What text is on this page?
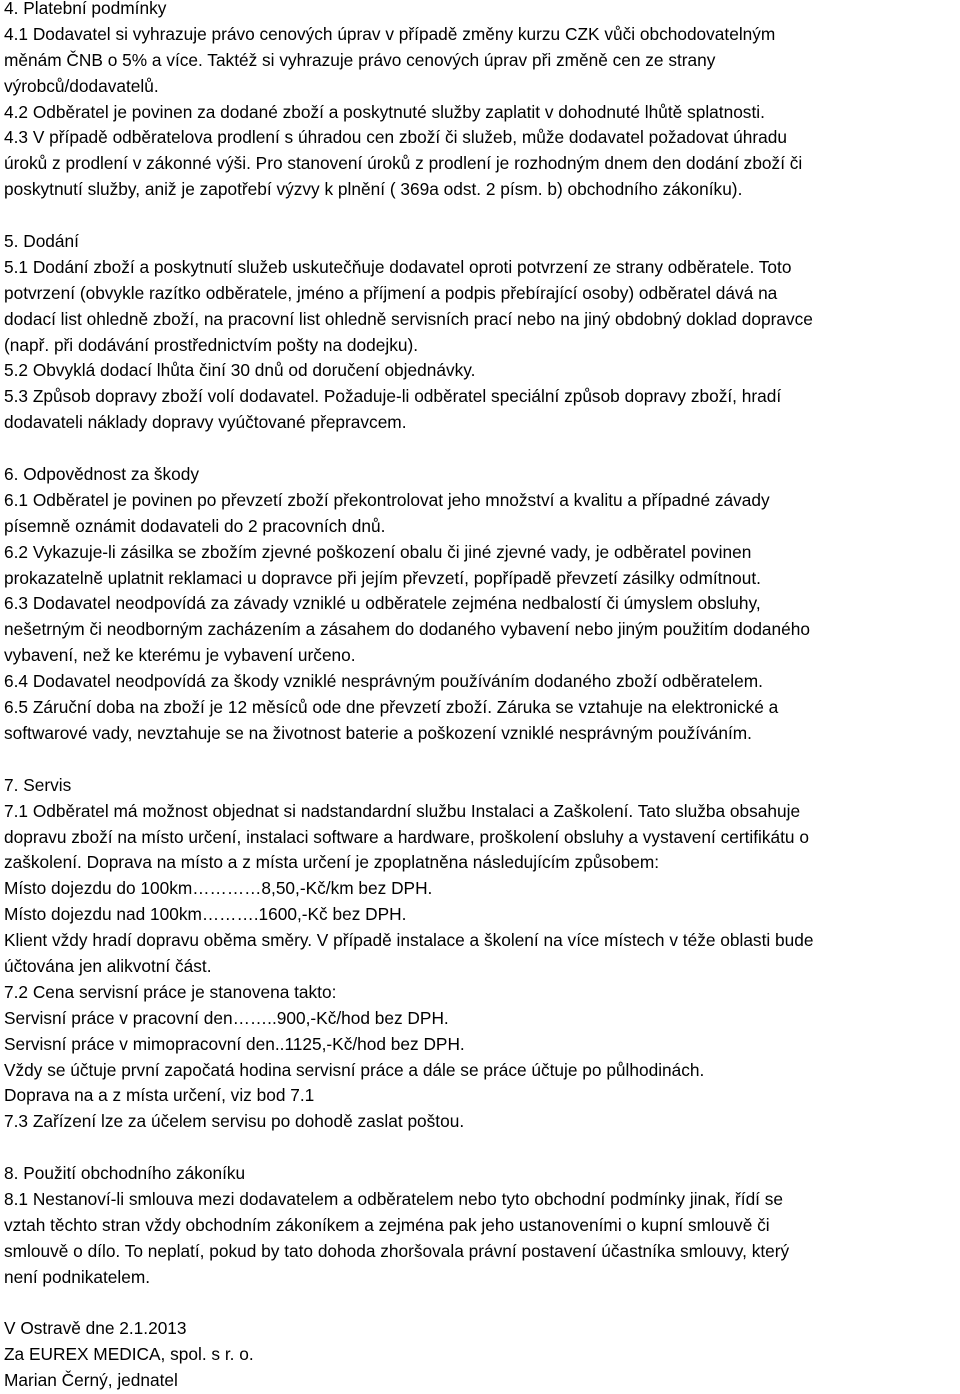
4. Platební podmínky
4.1 Dodavatel si vyhrazuje právo cenových úprav v případě změny kurzu CZK vůči obchodovatelným
měnám ČNB o 5% a více. Taktéž si vyhrazuje právo cenových úprav při změně cen ze strany
výrobců/dodavatelů.
4.2 Odběratel je povinen za dodané zboží a poskytnuté služby zaplatit v dohodnuté lhůtě splatnosti.
4.3 V případě odběratelova prodlení s úhradou cen zboží či služeb, může dodavatel požadovat úhradu
úroků z prodlení v zákonné výši. Pro stanovení úroků z prodlení je rozhodným dnem den dodání zboží či
poskytnutí služby, aniž je zapotřebí výzvy k plnění ( 369a odst. 2 písm. b) obchodního zákoníku).
5. Dodání
5.1 Dodání zboží a poskytnutí služeb uskutečňuje dodavatel oproti potvrzení ze strany odběratele. Toto
potvrzení (obvykle razítko odběratele, jméno a příjmení a podpis přebírající osoby) odběratel dává na
dodací list ohledně zboží, na pracovní list ohledně servisních prací nebo na jiný obdobný doklad dopravce
(např. při dodávání prostřednictvím pošty na dodejku).
5.2 Obvyklá dodací lhůta činí 30 dnů od doručení objednávky.
5.3 Způsob dopravy zboží volí dodavatel. Požaduje-li odběratel speciální způsob dopravy zboží, hradí
dodavateli náklady dopravy vyúčtované přepravcem.
6. Odpovědnost za škody
6.1 Odběratel je povinen po převzetí zboží překontrolovat jeho množství a kvalitu a případné závady
písemně oznámit dodavateli do 2 pracovních dnů.
6.2 Vykazuje-li zásilka se zbožím zjevné poškození obalu či jiné zjevné vady, je odběratel povinen
prokazatelně uplatnit reklamaci u dopravce při jejím převzetí, popřípadě převzetí zásilky odmítnout.
6.3 Dodavatel neodpovídá za závady vzniklé u odběratele zejména nedbalostí či úmyslem obsluhy,
nešetrným či neodborným zacházením a zásahem do dodaného vybavení nebo jiným použitím dodaného
vybavení, než ke kterému je vybavení určeno.
6.4 Dodavatel neodpovídá za škody vzniklé nesprávným používáním dodaného zboží odběratelem.
6.5 Záruční doba na zboží je 12 měsíců ode dne převzetí zboží. Záruka se vztahuje na elektronické a
softwarové vady, nevztahuje se na životnost baterie a poškození vzniklé nesprávným používáním.
7. Servis
7.1 Odběratel má možnost objednat si nadstandardní službu Instalaci a Zaškolení. Tato služba obsahuje
dopravu zboží na místo určení, instalaci software a hardware, proškolení obsluhy a vystavení certifikátu o
zaškolení. Doprava na místo a z místa určení je zpoplatněna následujícím způsobem:
Místo dojezdu do 100km…………8,50,-Kč/km bez DPH.
Místo dojezdu nad 100km……….1600,-Kč bez DPH.
Klient vždy hradí dopravu oběma směry. V případě instalace a školení na více místech v téže oblasti bude
účtována jen alikvotní část.
7.2 Cena servisní práce je stanovena takto:
Servisní práce v pracovní den……..900,-Kč/hod bez DPH.
Servisní práce v mimopracovní den..1125,-Kč/hod bez DPH.
Vždy se účtuje první započatá hodina servisní práce a dále se práce účtuje po půlhodinách.
Doprava na a z místa určení, viz bod 7.1
7.3 Zařízení lze za účelem servisu po dohodě zaslat poštou.
8. Použití obchodního zákoníku
8.1 Nestanoví-li smlouva mezi dodavatelem a odběratelem nebo tyto obchodní podmínky jinak, řídí se
vztah těchto stran vždy obchodním zákoníkem a zejména pak jeho ustanoveními o kupní smlouvě či
smlouvě o dílo. To neplatí, pokud by tato dohoda zhoršovala právní postavení účastníka smlouvy, který
není podnikatelem.
V Ostravě dne 2.1.2013
Za EUREX MEDICA, spol. s r. o.
Marian Černý, jednatel
